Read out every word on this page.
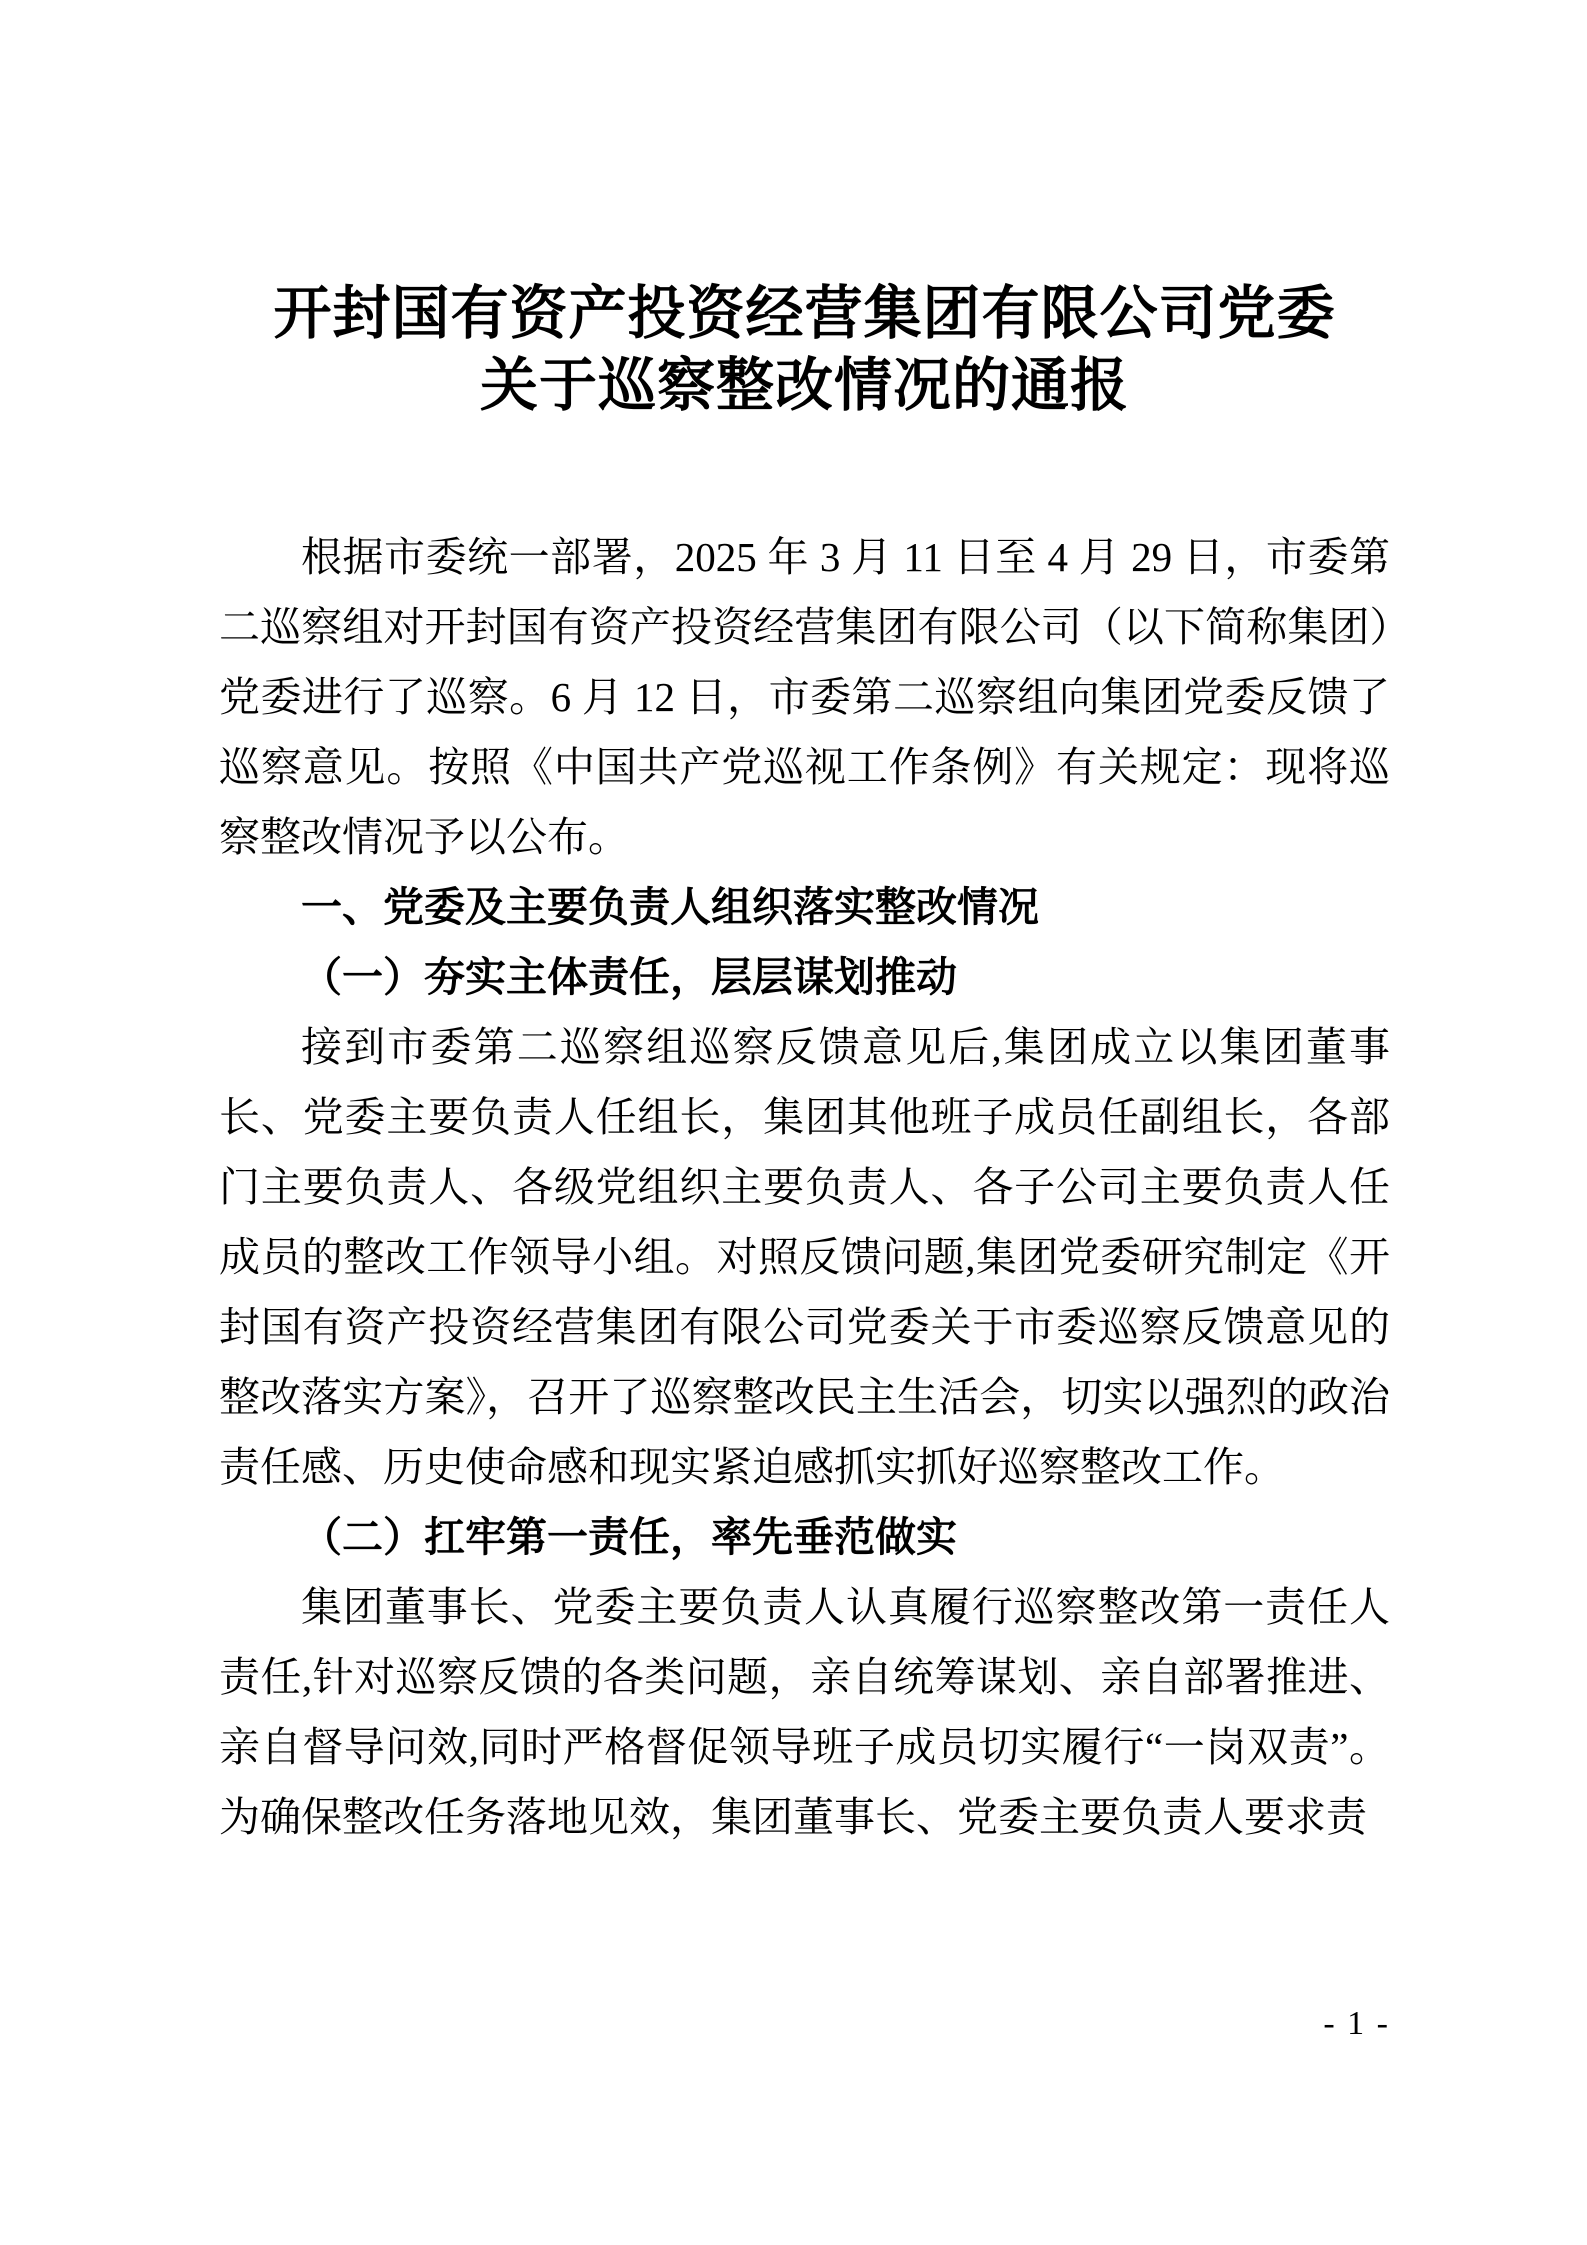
开封国有资产投资经营集团有限公司党委
关于巡察整改情况的通报

根据市委统一部署，2025 年 3 月 11 日至 4 月 29 日，市委第二巡察组对开封国有资产投资经营集团有限公司（以下简称集团）党委进行了巡察。6 月 12 日，市委第二巡察组向集团党委反馈了巡察意见。按照《中国共产党巡视工作条例》有关规定：现将巡察整改情况予以公布。

一、党委及主要负责人组织落实整改情况

（一）夯实主体责任，层层谋划推动

接到市委第二巡察组巡察反馈意见后,集团成立以集团董事长、党委主要负责人任组长，集团其他班子成员任副组长，各部门主要负责人、各级党组织主要负责人、各子公司主要负责人任成员的整改工作领导小组。对照反馈问题,集团党委研究制定《开封国有资产投资经营集团有限公司党委关于市委巡察反馈意见的整改落实方案》，召开了巡察整改民主生活会，切实以强烈的政治责任感、历史使命感和现实紧迫感抓实抓好巡察整改工作。

（二）扛牢第一责任，率先垂范做实

集团董事长、党委主要负责人认真履行巡察整改第一责任人责任,针对巡察反馈的各类问题，亲自统筹谋划、亲自部署推进、亲自督导问效,同时严格督促领导班子成员切实履行“一岗双责”。为确保整改任务落地见效，集团董事长、党委主要负责人要求责

- 1 -
